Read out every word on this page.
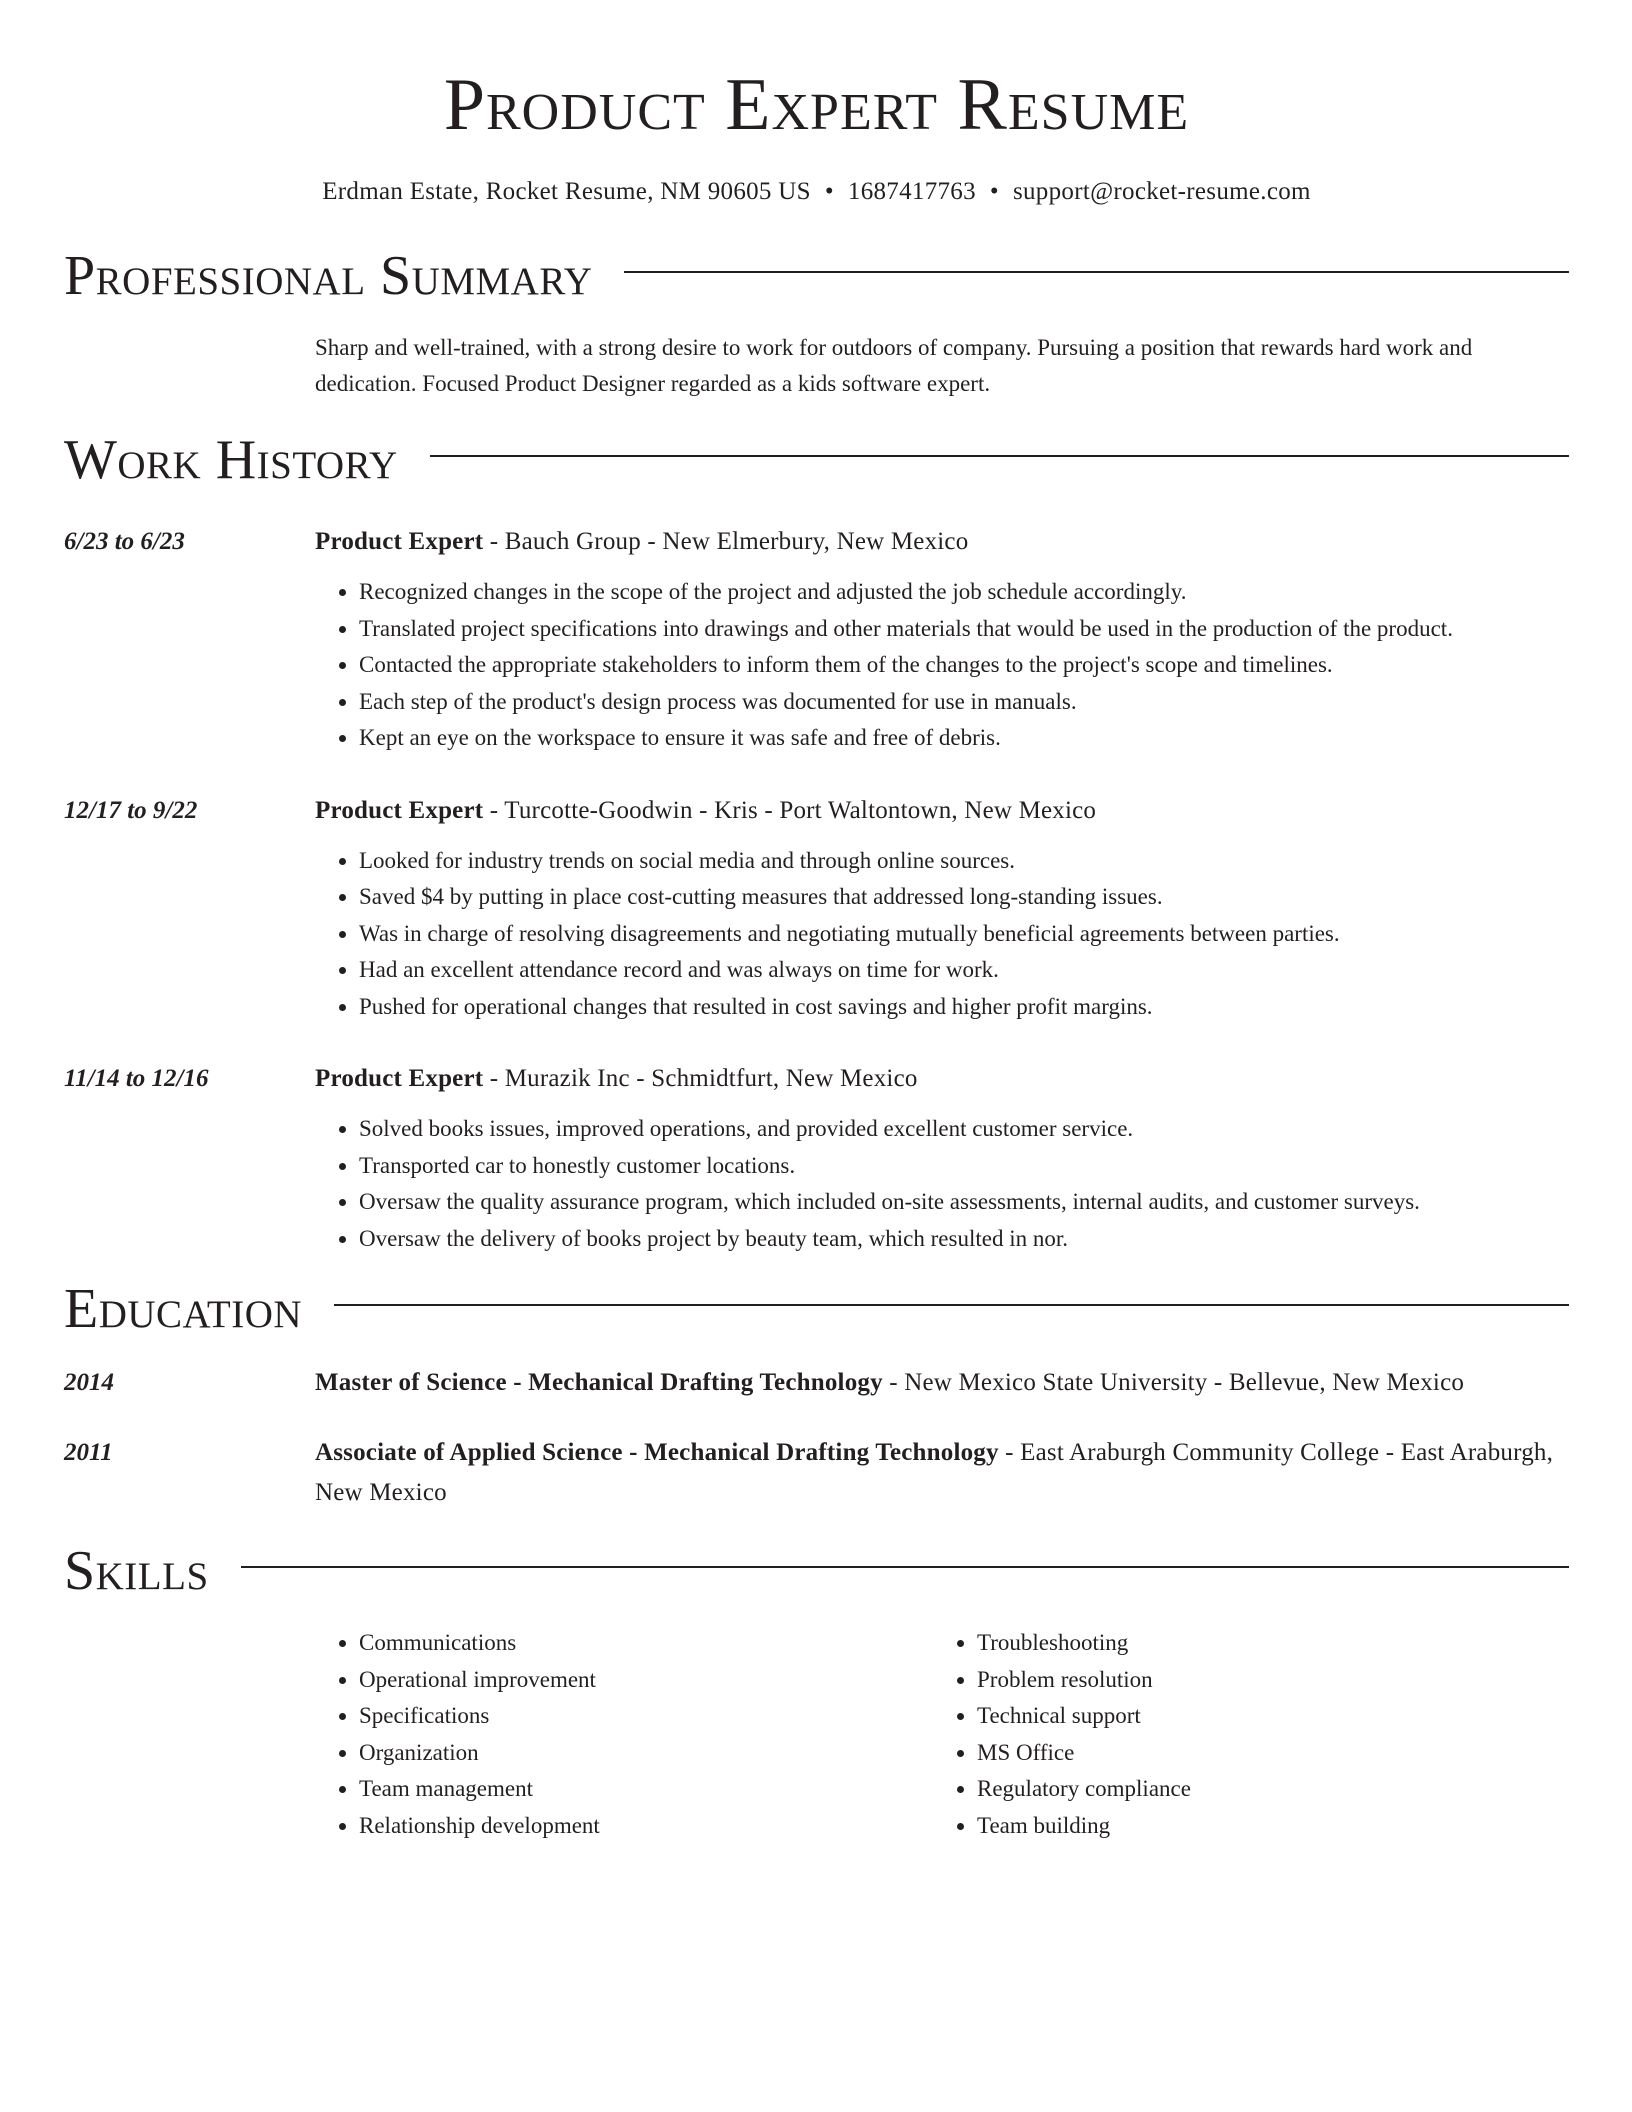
Product Expert Resume
Erdman Estate, Rocket Resume, NM 90605 US • 1687417763 • support@rocket-resume.com
Professional Summary
Sharp and well-trained, with a strong desire to work for outdoors of company. Pursuing a position that rewards hard work and dedication. Focused Product Designer regarded as a kids software expert.
Work History
6/23 to 6/23	Product Expert - Bauch Group - New Elmerbury, New Mexico
• Recognized changes in the scope of the project and adjusted the job schedule accordingly.
• Translated project specifications into drawings and other materials that would be used in the production of the product.
• Contacted the appropriate stakeholders to inform them of the changes to the project's scope and timelines.
• Each step of the product's design process was documented for use in manuals.
• Kept an eye on the workspace to ensure it was safe and free of debris.
12/17 to 9/22	Product Expert - Turcotte-Goodwin - Kris - Port Waltontown, New Mexico
• Looked for industry trends on social media and through online sources.
• Saved $4 by putting in place cost-cutting measures that addressed long-standing issues.
• Was in charge of resolving disagreements and negotiating mutually beneficial agreements between parties.
• Had an excellent attendance record and was always on time for work.
• Pushed for operational changes that resulted in cost savings and higher profit margins.
11/14 to 12/16	Product Expert - Murazik Inc - Schmidtfurt, New Mexico
• Solved books issues, improved operations, and provided excellent customer service.
• Transported car to honestly customer locations.
• Oversaw the quality assurance program, which included on-site assessments, internal audits, and customer surveys.
• Oversaw the delivery of books project by beauty team, which resulted in nor.
Education
2014	Master of Science - Mechanical Drafting Technology - New Mexico State University - Bellevue, New Mexico
2011	Associate of Applied Science - Mechanical Drafting Technology - East Araburgh Community College - East Araburgh, New Mexico
Skills
• Communications
• Operational improvement
• Specifications
• Organization
• Team management
• Relationship development
• Troubleshooting
• Problem resolution
• Technical support
• MS Office
• Regulatory compliance
• Team building
